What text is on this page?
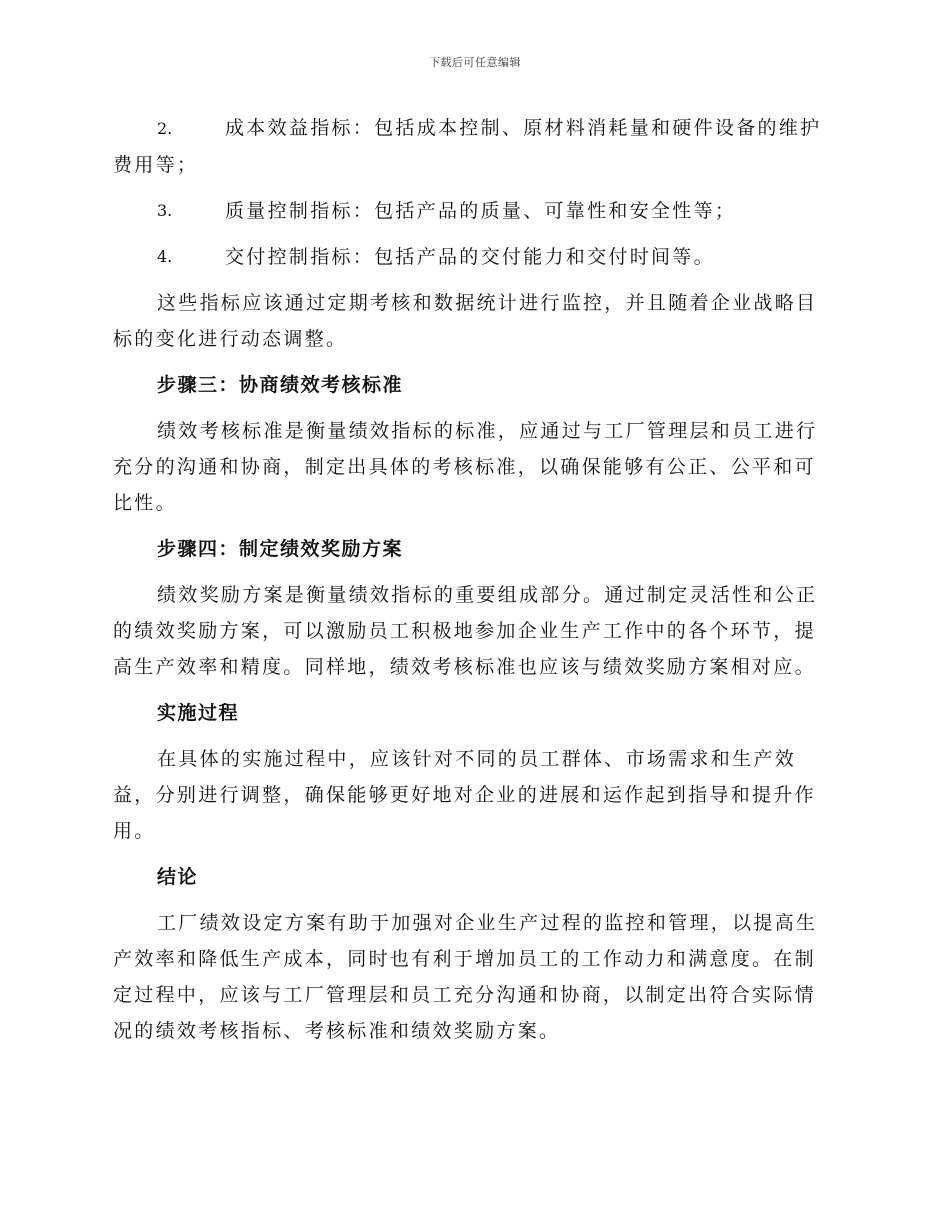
下载后可任意编辑
2.	成本效益指标：包括成本控制、原材料消耗量和硬件设备的维护费用等；
3.	质量控制指标：包括产品的质量、可靠性和安全性等；
4.	交付控制指标：包括产品的交付能力和交付时间等。

这些指标应该通过定期考核和数据统计进行监控，并且随着企业战略目标的变化进行动态调整。

步骤三：协商绩效考核标准

绩效考核标准是衡量绩效指标的标准，应通过与工厂管理层和员工进行充分的沟通和协商，制定出具体的考核标准，以确保能够有公正、公平和可比性。

步骤四：制定绩效奖励方案

绩效奖励方案是衡量绩效指标的重要组成部分。通过制定灵活性和公正的绩效奖励方案，可以激励员工积极地参加企业生产工作中的各个环节，提高生产效率和精度。同样地，绩效考核标准也应该与绩效奖励方案相对应。

实施过程

在具体的实施过程中，应该针对不同的员工群体、市场需求和生产效益，分别进行调整，确保能够更好地对企业的进展和运作起到指导和提升作用。

结论

工厂绩效设定方案有助于加强对企业生产过程的监控和管理，以提高生产效率和降低生产成本，同时也有利于增加员工的工作动力和满意度。在制定过程中，应该与工厂管理层和员工充分沟通和协商，以制定出符合实际情况的绩效考核指标、考核标准和绩效奖励方案。
